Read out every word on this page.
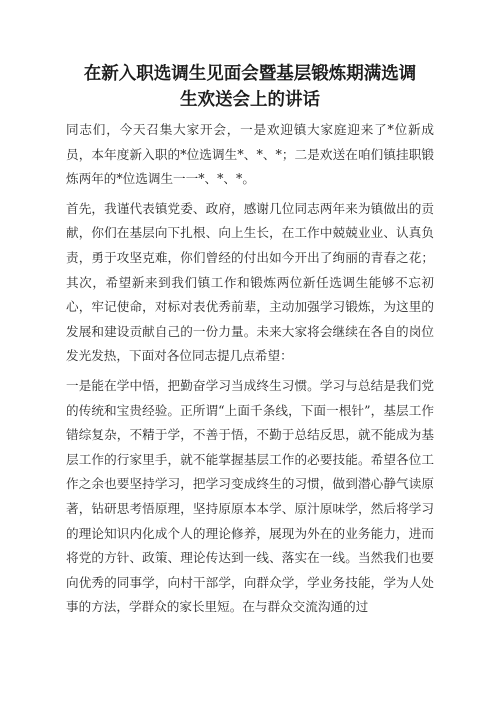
在新入职选调生见面会暨基层锻炼期满选调
生欢送会上的讲话

同志们，今天召集大家开会，一是欢迎镇大家庭迎来了*位新成员，本年度新入职的*位选调生*、*、*；二是欢送在咱们镇挂职锻炼两年的*位选调生一一*、*、*。

首先，我谨代表镇党委、政府，感谢几位同志两年来为镇做出的贡献，你们在基层向下扎根、向上生长，在工作中兢兢业业、认真负责，勇于攻坚克难，你们曾经的付出如今开出了绚丽的青春之花；其次，希望新来到我们镇工作和锻炼两位新任选调生能够不忘初心，牢记使命，对标对表优秀前辈，主动加强学习锻炼，为这里的发展和建设贡献自己的一份力量。未来大家将会继续在各自的岗位发光发热，下面对各位同志提几点希望：

一是能在学中悟，把勤奋学习当成终生习惯。学习与总结是我们党的传统和宝贵经验。正所谓“上面千条线，下面一根针”，基层工作错综复杂，不精于学，不善于悟，不勤于总结反思，就不能成为基层工作的行家里手，就不能掌握基层工作的必要技能。希望各位工作之余也要坚持学习，把学习变成终生的习惯，做到潜心静气读原著，钻研思考悟原理，坚持原原本本学、原汁原味学，然后将学习的理论知识内化成个人的理论修养，展现为外在的业务能力，进而将党的方针、政策、理论传达到一线、落实在一线。当然我们也要向优秀的同事学，向村干部学，向群众学，学业务技能，学为人处事的方法，学群众的家长里短。在与群众交流沟通的过
